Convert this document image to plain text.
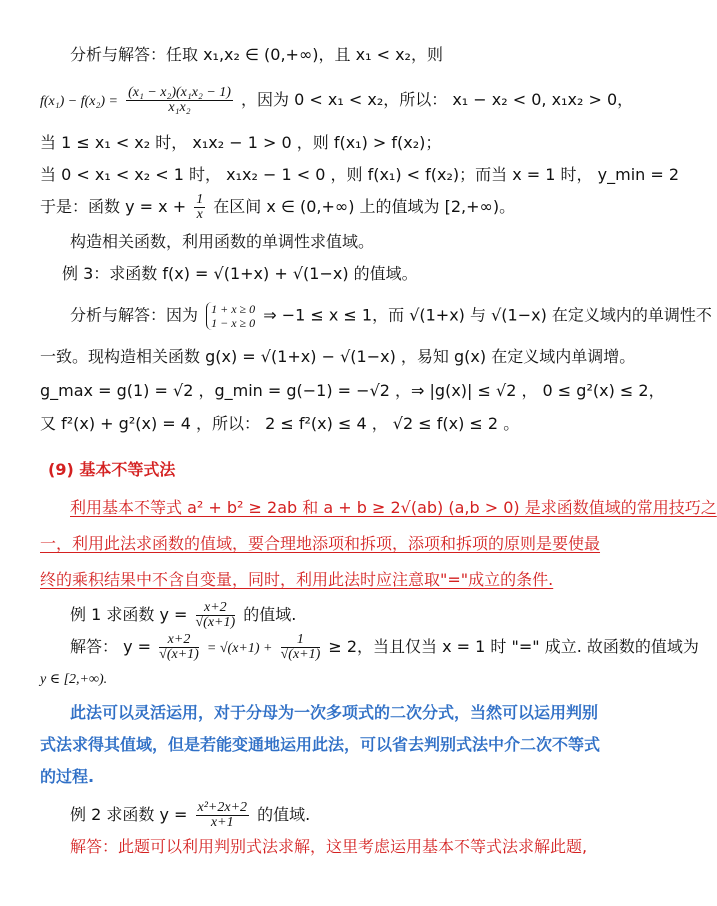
分析与解答：任取 x₁,x₂ ∈ (0,+∞)，且 x₁ < x₂，则
$f(x_1) - f(x_2) = \frac{\text{(x₁ − x₂)(x₁x₂ − 1)}}{\text{x₁x₂}}$ ，因为 0 < x₁ < x₂，所以： x₁ − x₂ < 0, x₁x₂ > 0，
当 1 ≤ x₁ < x₂ 时， x₁x₂ − 1 > 0 ，则 f(x₁) > f(x₂)；
当 0 < x₁ < x₂ < 1 时， x₁x₂ − 1 < 0 ，则 f(x₁) < f(x₂)；而当 x = 1 时， y_min = 2
于是：函数 $y = x + \frac{1}{x}$ 在区间 x ∈ (0,+∞) 上的值域为 [2,+∞)。
构造相关函数，利用函数的单调性求值域。
例 3：求函数 f(x) = √(1+x) + √(1−x) 的值域。
分析与解答：因为 1 + x ≥ 0
1 − x ≥ 0 ⇒ −1 ≤ x ≤ 1，而 √(1+x) 与 √(1−x) 在定义域内的单调性不
一致。现构造相关函数 g(x) = √(1+x) − √(1−x) ，易知 g(x) 在定义域内单调增。
g_max = g(1) = √2 ，g_min = g(−1) = −√2 ，⇒ |g(x)| ≤ √2 ， 0 ≤ g²(x) ≤ 2，
又 f²(x) + g²(x) = 4 ，所以： 2 ≤ f²(x) ≤ 4 ， √2 ≤ f(x) ≤ 2 。
(9) 基本不等式法
利用基本不等式 a² + b² ≥ 2ab 和 a + b ≥ 2√(ab) (a,b > 0) 是求函数值域的常用技巧之
一，利用此法求函数的值域，要合理地添项和拆项，添项和拆项的原则是要使最
终的乘积结果中不含自变量，同时，利用此法时应注意取"="成立的条件.
例 1 求函数 $y = \frac{x+2}{√(x+1)}$ 的值域.
解答： $y = \frac{x+2}{√(x+1)} = √(x+1) + \frac{1}{√(x+1)} \ge 2$，当且仅当 x = 1 时 "=" 成立. 故函数的值域为
y ∈ [2,+∞).
此法可以灵活运用，对于分母为一次多项式的二次分式，当然可以运用判别
式法求得其值域，但是若能变通地运用此法，可以省去判别式法中介二次不等式
的过程.
例 2 求函数 $y = \frac{\text{x²+2x+2}}{x+1}$ 的值域.
解答：此题可以利用判别式法求解，这里考虑运用基本不等式法求解此题,
